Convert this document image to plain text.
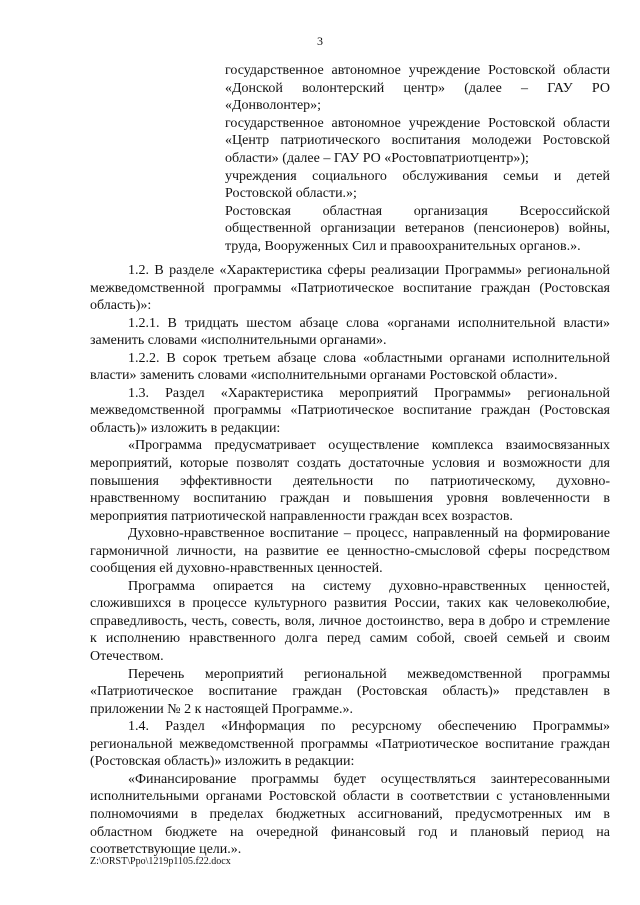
3

государственное автономное учреждение Ростовской области «Донской волонтерский центр» (далее – ГАУ РО «Донволонтер»;

государственное автономное учреждение Ростовской области «Центр патриотического воспитания молодежи Ростовской области» (далее – ГАУ РО «Ростовпатриотцентр»);

учреждения социального обслуживания семьи и детей Ростовской области.»;

Ростовская областная организация Всероссийской общественной организации ветеранов (пенсионеров) войны, труда, Вооруженных Сил и правоохранительных органов.».

1.2. В разделе «Характеристика сферы реализации Программы» региональной межведомственной программы «Патриотическое воспитание граждан (Ростовская область)»:

1.2.1. В тридцать шестом абзаце слова «органами исполнительной власти» заменить словами «исполнительными органами».

1.2.2. В сорок третьем абзаце слова «областными органами исполнительной власти» заменить словами «исполнительными органами Ростовской области».

1.3. Раздел «Характеристика мероприятий Программы» региональной межведомственной программы «Патриотическое воспитание граждан (Ростовская область)» изложить в редакции:

«Программа предусматривает осуществление комплекса взаимосвязанных мероприятий, которые позволят создать достаточные условия и возможности для повышения эффективности деятельности по патриотическому, духовно-нравственному воспитанию граждан и повышения уровня вовлеченности в мероприятия патриотической направленности граждан всех возрастов.

Духовно-нравственное воспитание – процесс, направленный на формирование гармоничной личности, на развитие ее ценностно-смысловой сферы посредством сообщения ей духовно-нравственных ценностей.

Программа опирается на систему духовно-нравственных ценностей, сложившихся в процессе культурного развития России, таких как человеколюбие, справедливость, честь, совесть, воля, личное достоинство, вера в добро и стремление к исполнению нравственного долга перед самим собой, своей семьей и своим Отечеством.

Перечень мероприятий региональной межведомственной программы «Патриотическое воспитание граждан (Ростовская область)» представлен в приложении № 2 к настоящей Программе.».

1.4. Раздел «Информация по ресурсному обеспечению Программы» региональной межведомственной программы «Патриотическое воспитание граждан (Ростовская область)» изложить в редакции:

«Финансирование программы будет осуществляться заинтересованными исполнительными органами Ростовской области в соответствии с установленными полномочиями в пределах бюджетных ассигнований, предусмотренных им в областном бюджете на очередной финансовый год и плановый период на соответствующие цели.».

Z:\ORST\Ppo\1219p1105.f22.docx
